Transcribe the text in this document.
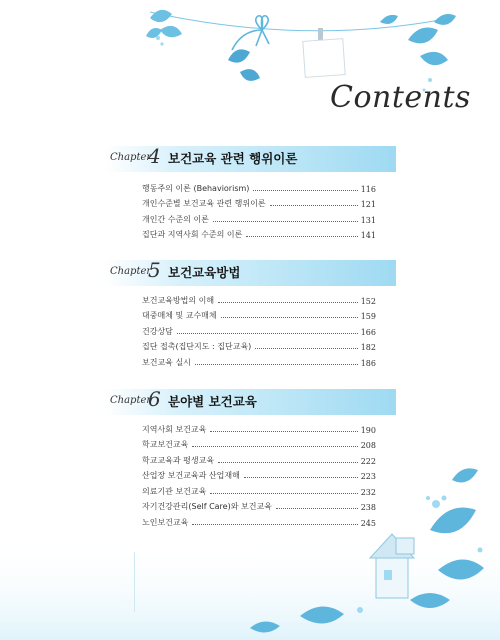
Contents
Chapter
4 보건교육 관련 행위이론
행동주의 이론 (Behaviorism)	116
개인수준별 보건교육 관련 행위이론	121
개인간 수준의 이론	131
집단과 지역사회 수준의 이론	141
Chapter
5 보건교육방법
보건교육방법의 이해	152
대중매체 및 교수매체	159
건강상담	166
집단 접촉(집단지도 : 집단교육)	182
보건교육 실시	186
Chapter
6 분야별 보건교육
지역사회 보건교육	190
학교보건교육	208
학교교육과 평생교육	222
산업장 보건교육과 산업재해	223
의료기관 보건교육	232
자기건강관리(Self Care)와 보건교육	238
노인보건교육	245
